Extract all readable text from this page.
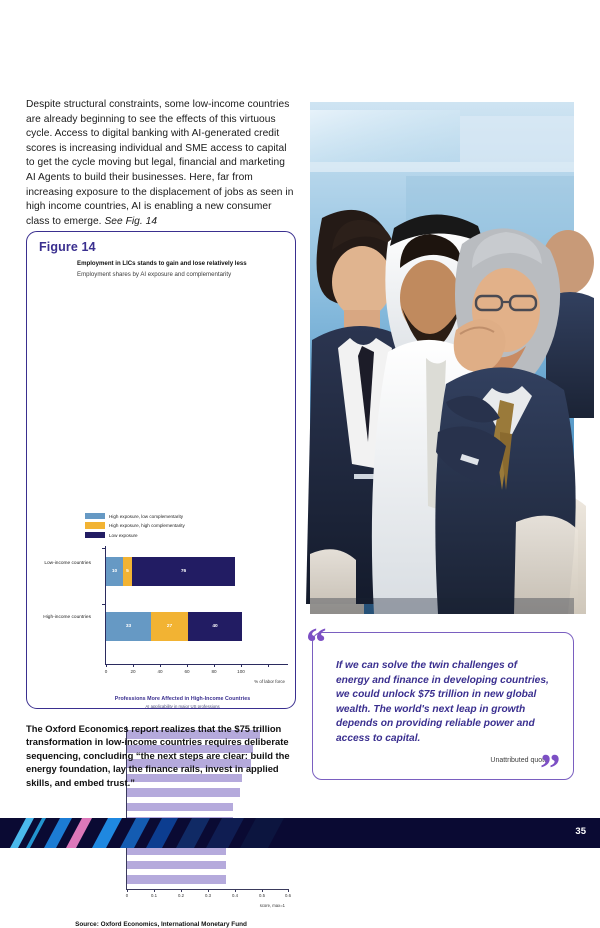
Despite structural constraints, some low-income countries are already beginning to see the effects of this virtuous cycle. Access to digital banking with AI-generated credit scores is increasing individual and SME access to capital to get the cycle moving but legal, financial and marketing AI Agents to build their businesses. Here, far from increasing exposure to the displacement of jobs as seen in high income countries, AI is enabling a new consumer class to emerge. See Fig. 14

Figure 14
Employment in LICs stands to gain and lose relatively less
Employment shares by AI exposure and complementarity
High exposure, low complementarity
High exposure, high complementarity
Low exposure
Low-income countries
High-income countries
10 5	76
33	27	40
0	20	40	60	80	100
% of labor force
Professions More Affected in High-Income Countries
AI applicability in major US professions
0	0.1	0.2	0.3	0.4	0.5	0.6
score, max=1
Source: Oxford Economics, International Monetary Fund

The Oxford Economics report realizes that the $75 trillion transformation in low-income countries requires deliberate sequencing, concluding “the next steps are clear: build the energy foundation, lay the finance rails, invest in applied skills, and embed trust.”

“
If we can solve the twin challenges of energy and finance in developing countries, we could unlock $75 trillion in new global wealth. The world's next leap in growth depends on providing reliable power and access to capital.
Unattributed quote
”
35
